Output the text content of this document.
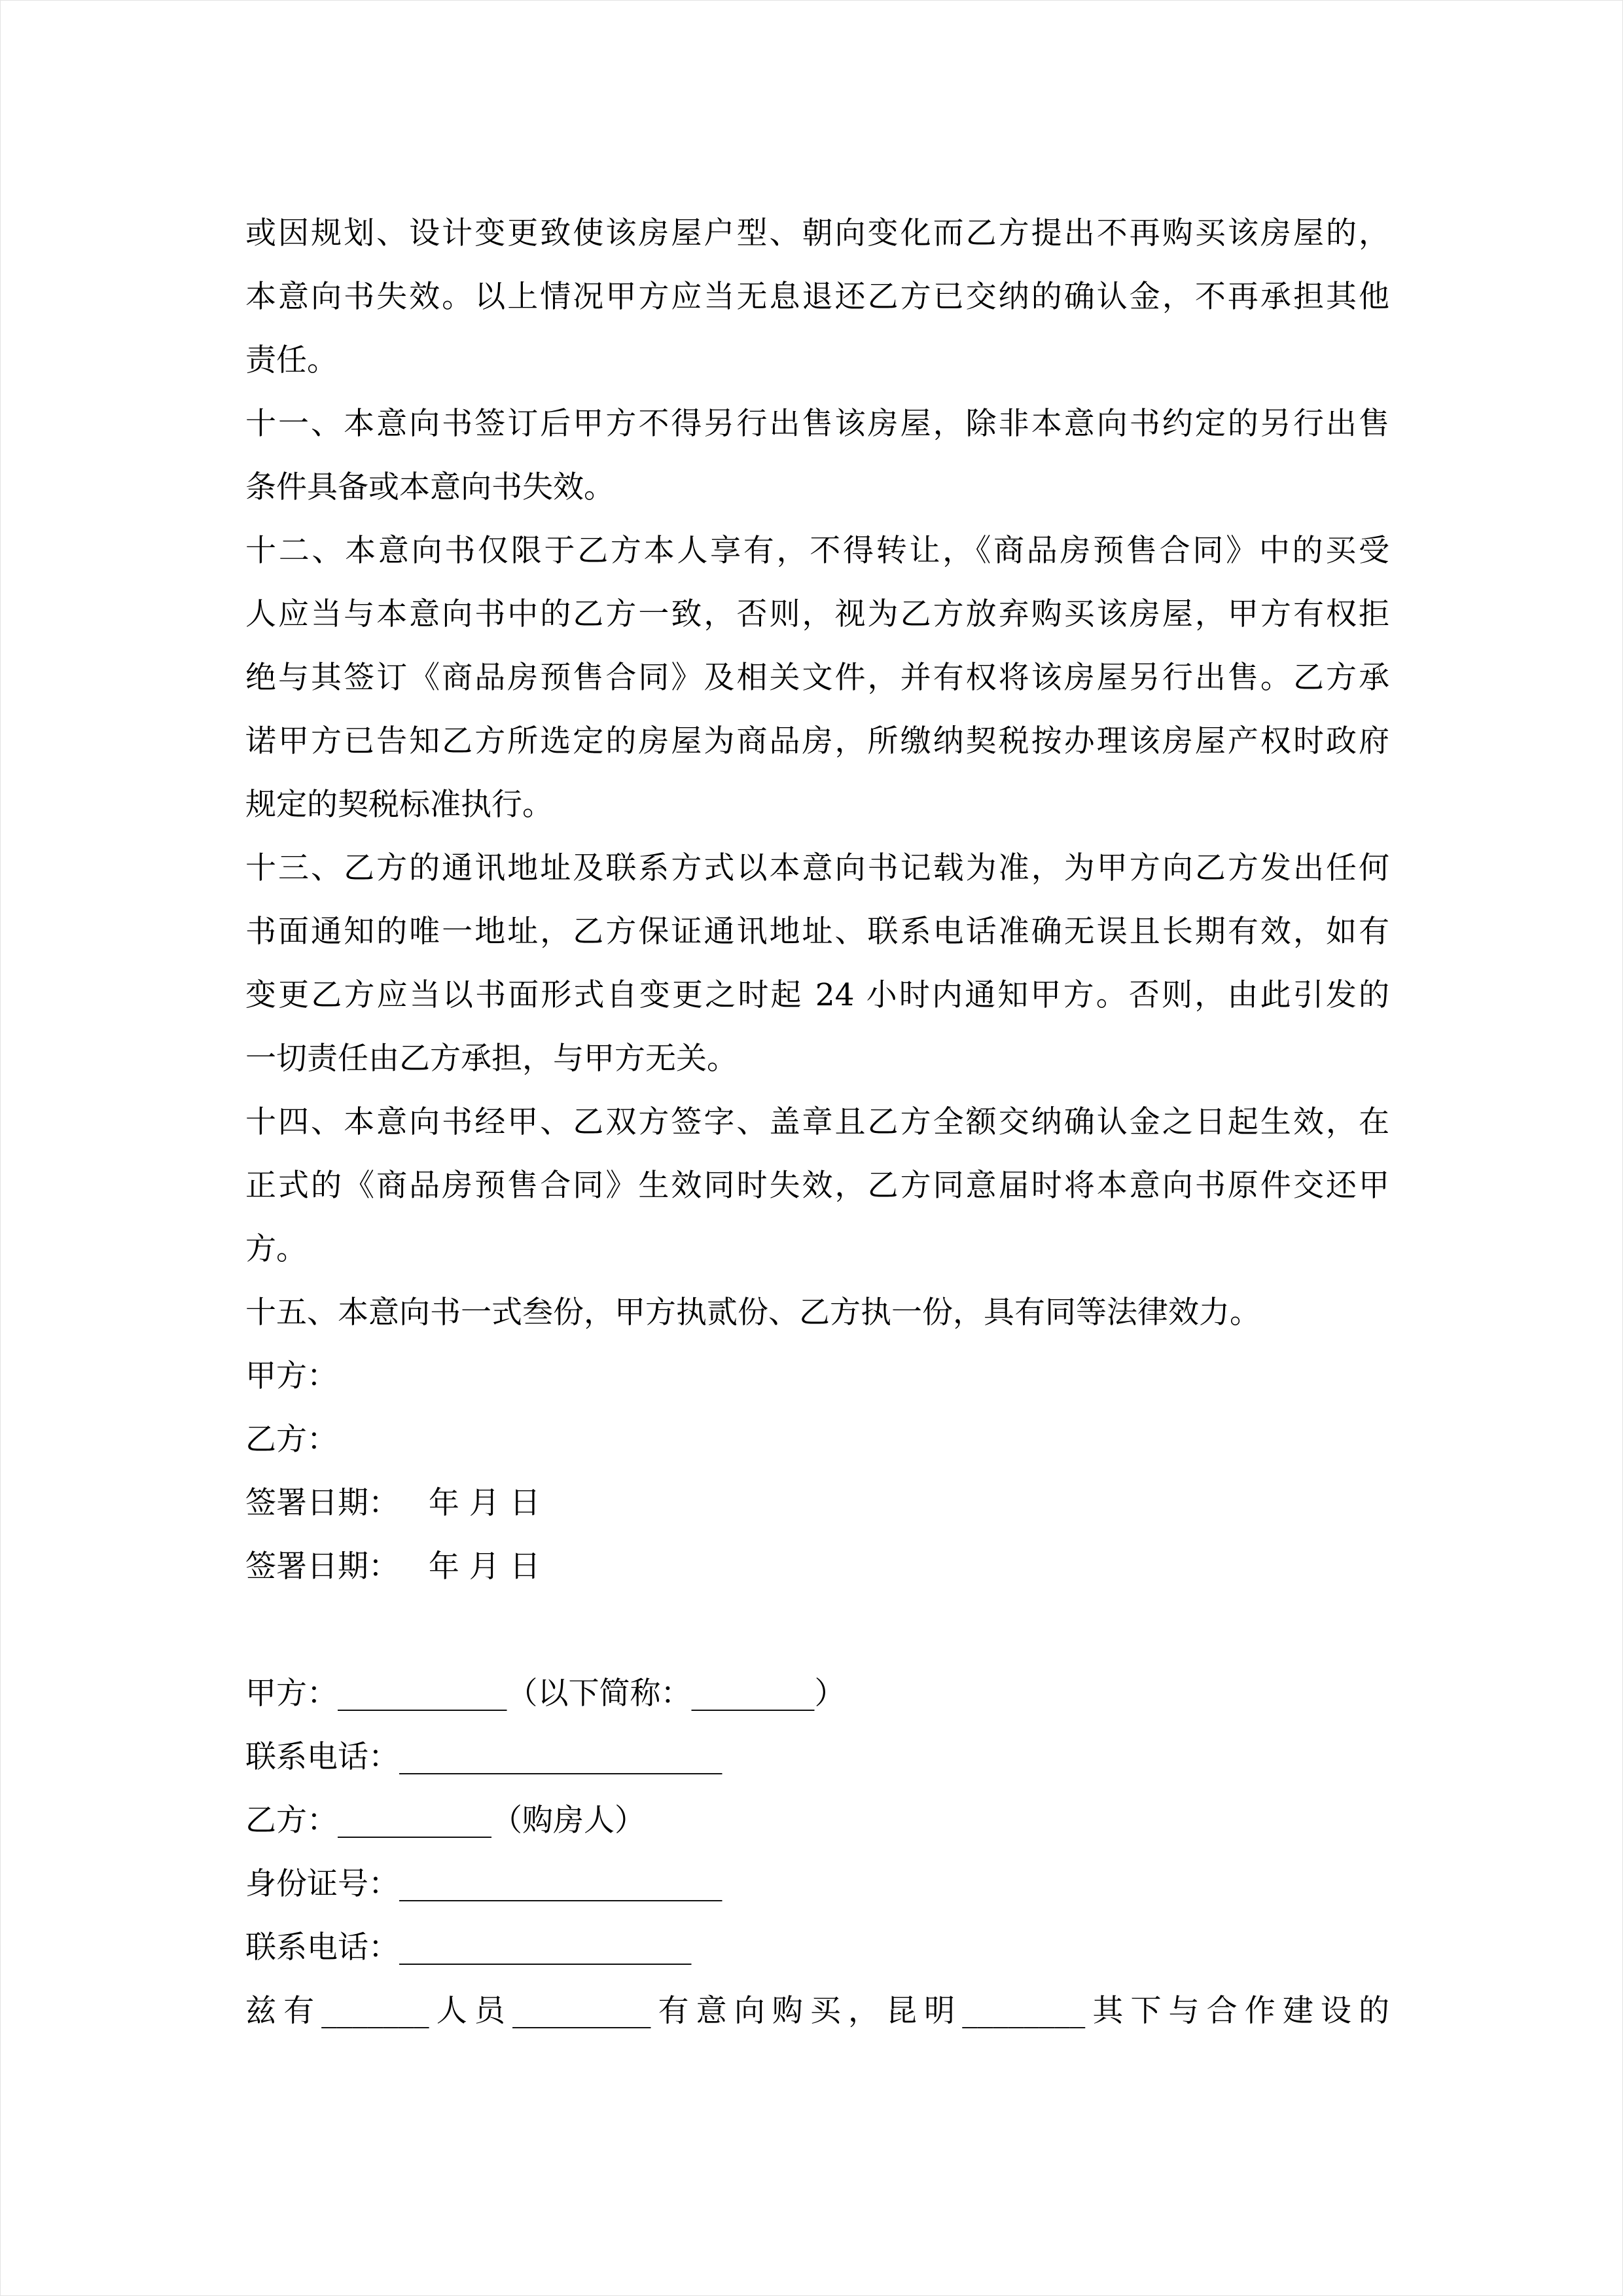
或因规划、设计变更致使该房屋户型、朝向变化而乙方提出不再购买该房屋的，
本意向书失效。以上情况甲方应当无息退还乙方已交纳的确认金，不再承担其他
责任。
十一、本意向书签订后甲方不得另行出售该房屋，除非本意向书约定的另行出售
条件具备或本意向书失效。
十二、本意向书仅限于乙方本人享有，不得转让，《商品房预售合同》中的买受
人应当与本意向书中的乙方一致，否则，视为乙方放弃购买该房屋，甲方有权拒
绝与其签订《商品房预售合同》及相关文件，并有权将该房屋另行出售。乙方承
诺甲方已告知乙方所选定的房屋为商品房，所缴纳契税按办理该房屋产权时政府
规定的契税标准执行。
十三、乙方的通讯地址及联系方式以本意向书记载为准，为甲方向乙方发出任何
书面通知的唯一地址，乙方保证通讯地址、联系电话准确无误且长期有效，如有
变更乙方应当以书面形式自变更之时起 24 小时内通知甲方。否则，由此引发的
一切责任由乙方承担，与甲方无关。
十四、本意向书经甲、乙双方签字、盖章且乙方全额交纳确认金之日起生效，在
正式的《商品房预售合同》生效同时失效，乙方同意届时将本意向书原件交还甲
方。
十五、本意向书一式叁份，甲方执贰份、乙方执一份，具有同等法律效力。
甲方：
乙方：
签署日期：   年 月 日
签署日期：   年 月 日
甲方：___________（以下简称：________）
联系电话：_____________________
乙方：__________（购房人）
身份证号：_____________________
联系电话：___________________
兹有_______人员_________有意向购买，昆明________其下与合作建设的
